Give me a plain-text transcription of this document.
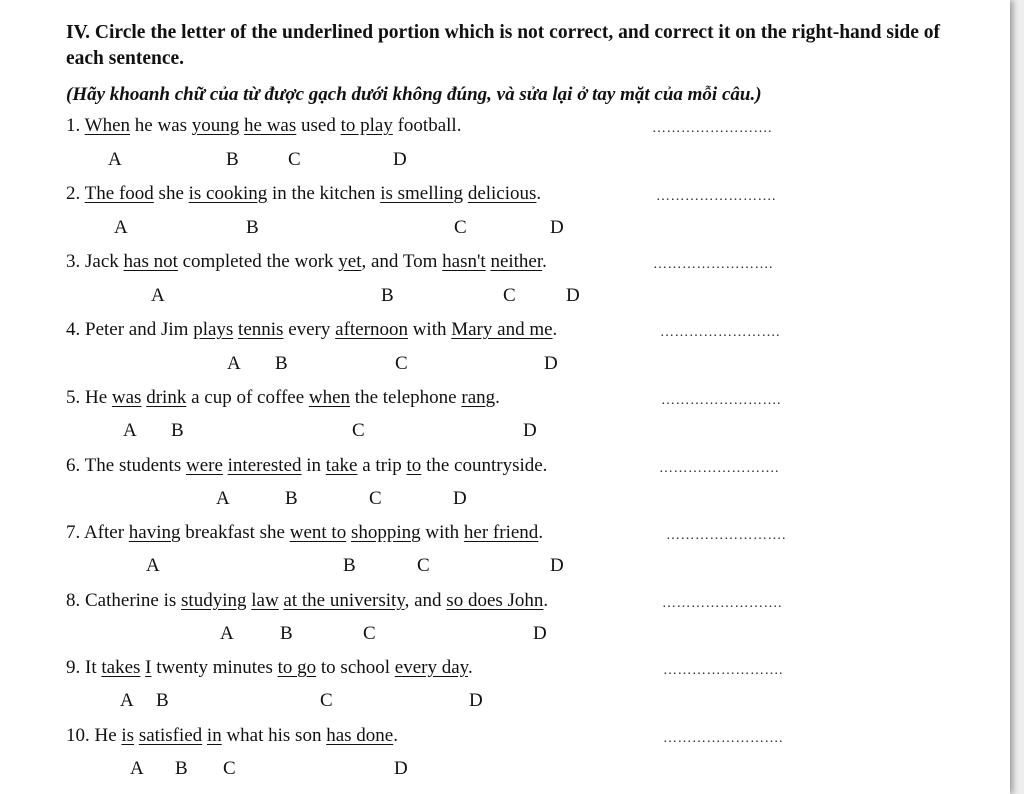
IV. Circle the letter of the underlined portion which is not correct, and correct it on the right-hand side of each sentence.
(Hãy khoanh chữ của từ được gạch dưới không đúng, và sửa lại ở tay mặt của mỗi câu.)
1. When he was young he was used to play football.
A	B	C	D
…………………….
2. The food she is cooking in the kitchen is smelling delicious.
A	B	C	D
…………………….
3. Jack has not completed the work yet, and Tom hasn't neither.
A	B	C	D
…………………….
4. Peter and Jim plays tennis every afternoon with Mary and me.
A B	C	D
…………………….
5. He was drink a cup of coffee when the telephone rang.
A B	C	D
…………………….
6. The students were interested in take a trip to the countryside.
A	B	C	D
…………………….
7. After having breakfast she went to shopping with her friend.
A	B	C	D
…………………….
8. Catherine is studying law at the university, and so does John.
A B	C	D
…………………….
9. It takes I twenty minutes to go to school every day.
A B	C	D
…………………….
10. He is satisfied in what his son has done.
A B C	D
…………………….
